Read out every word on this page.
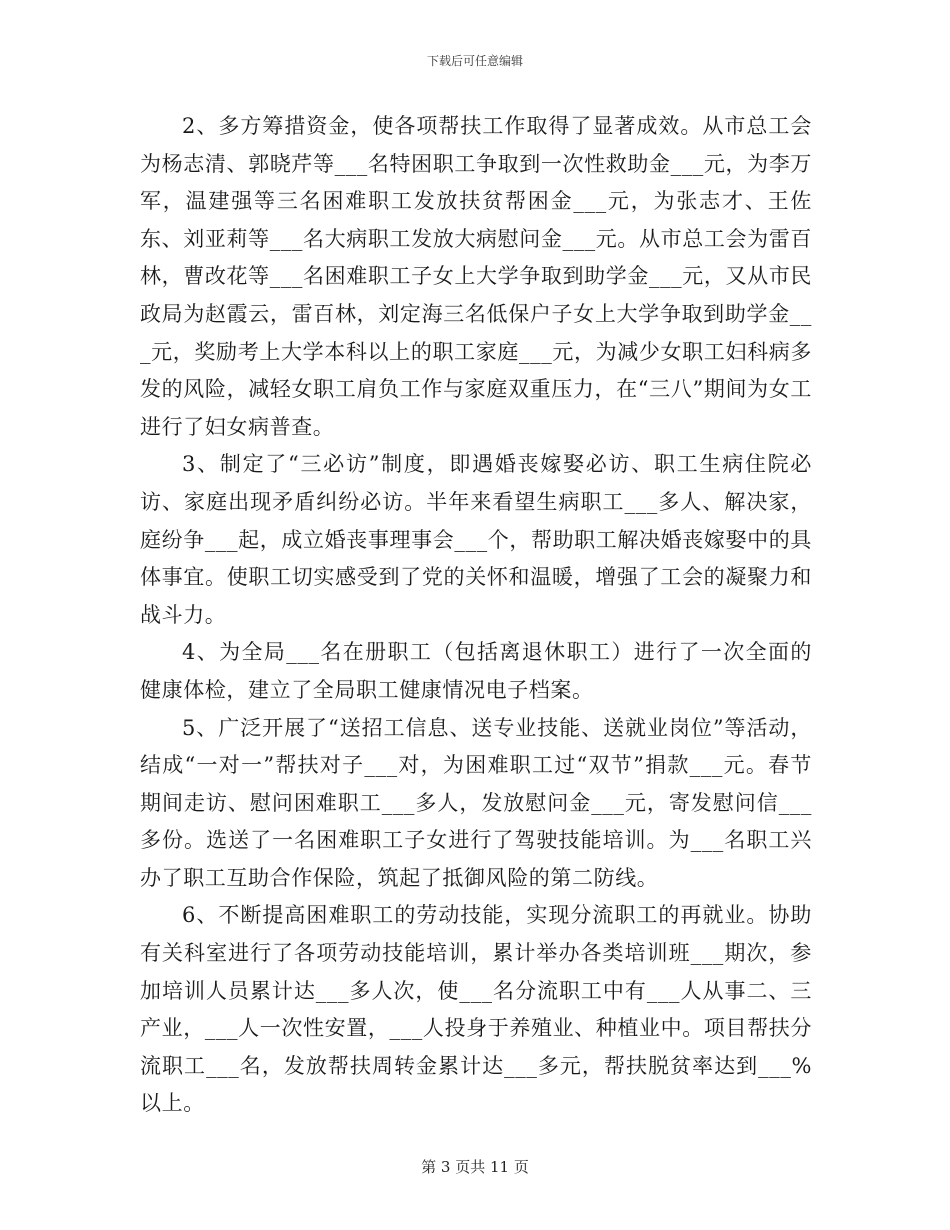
下载后可任意编辑

2、多方筹措资金，使各项帮扶工作取得了显著成效。从市总工会为杨志清、郭晓芹等___名特困职工争取到一次性救助金___元，为李万军，温建强等三名困难职工发放扶贫帮困金___元，为张志才、王佐东、刘亚莉等___名大病职工发放大病慰问金___元。从市总工会为雷百林，曹改花等___名困难职工子女上大学争取到助学金___元，又从市民政局为赵霞云，雷百林，刘定海三名低保户子女上大学争取到助学金___元，奖励考上大学本科以上的职工家庭___元，为减少女职工妇科病多发的风险，减轻女职工肩负工作与家庭双重压力，在“三八”期间为女工进行了妇女病普查。

3、制定了“三必访”制度，即遇婚丧嫁娶必访、职工生病住院必访、家庭出现矛盾纠纷必访。半年来看望生病职工___多人、解决家，庭纷争___起，成立婚丧事理事会___个，帮助职工解决婚丧嫁娶中的具体事宜。使职工切实感受到了党的关怀和温暖，增强了工会的凝聚力和战斗力。

4、为全局___名在册职工（包括离退休职工）进行了一次全面的健康体检，建立了全局职工健康情况电子档案。

5、广泛开展了“送招工信息、送专业技能、送就业岗位”等活动，结成“一对一”帮扶对子___对，为困难职工过“双节”捐款___元。春节期间走访、慰问困难职工___多人，发放慰问金___元，寄发慰问信___多份。选送了一名困难职工子女进行了驾驶技能培训。为___名职工兴办了职工互助合作保险，筑起了抵御风险的第二防线。

6、不断提高困难职工的劳动技能，实现分流职工的再就业。协助有关科室进行了各项劳动技能培训，累计举办各类培训班___期次，参加培训人员累计达___多人次，使___名分流职工中有___人从事二、三产业，___人一次性安置，___人投身于养殖业、种植业中。项目帮扶分流职工___名，发放帮扶周转金累计达___多元，帮扶脱贫率达到___%以上。

第 3 页共 11 页
